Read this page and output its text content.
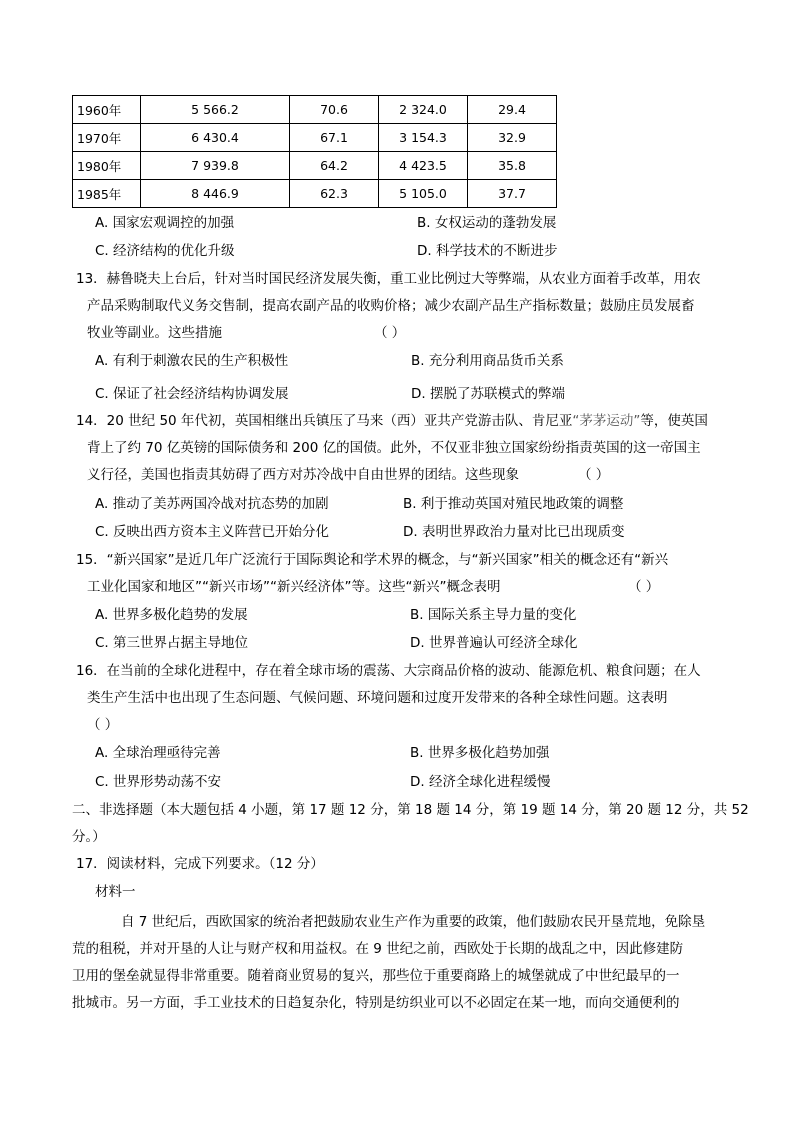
1960年	5 566.2	70.6	2 324.0	29.4
1970年	6 430.4	67.1	3 154.3	32.9
1980年	7 939.8	64.2	4 423.5	35.8
1985年	8 446.9	62.3	5 105.0	37.7
A. 国家宏观调控的加强	B. 女权运动的蓬勃发展
C. 经济结构的优化升级	D. 科学技术的不断进步
13．赫鲁晓夫上台后，针对当时国民经济发展失衡，重工业比例过大等弊端，从农业方面着手改革，用农
产品采购制取代义务交售制，提高农副产品的收购价格；减少农副产品生产指标数量；鼓励庄员发展畜
牧业等副业。这些措施	（ ）
A. 有利于刺激农民的生产积极性	B. 充分利用商品货币关系
C. 保证了社会经济结构协调发展	D. 摆脱了苏联模式的弊端
14．20 世纪 50 年代初，英国相继出兵镇压了马来（西）亚共产党游击队、肯尼亚“茅茅运动”等，使英国
背上了约 70 亿英镑的国际债务和 200 亿的国债。此外，不仅亚非独立国家纷纷指责英国的这一帝国主
义行径，美国也指责其妨碍了西方对苏冷战中自由世界的团结。这些现象	（ ）
A. 推动了美苏两国冷战对抗态势的加剧	B. 利于推动英国对殖民地政策的调整
C. 反映出西方资本主义阵营已开始分化	D. 表明世界政治力量对比已出现质变
15．“新兴国家”是近几年广泛流行于国际舆论和学术界的概念，与“新兴国家”相关的概念还有“新兴
工业化国家和地区”“新兴市场”“新兴经济体”等。这些“新兴”概念表明	（ ）
A. 世界多极化趋势的发展	B. 国际关系主导力量的变化
C. 第三世界占据主导地位	D. 世界普遍认可经济全球化
16．在当前的全球化进程中，存在着全球市场的震荡、大宗商品价格的波动、能源危机、粮食问题；在人
类生产生活中也出现了生态问题、气候问题、环境问题和过度开发带来的各种全球性问题。这表明
（ ）
A. 全球治理亟待完善	B. 世界多极化趋势加强
C. 世界形势动荡不安	D. 经济全球化进程缓慢
二、非选择题（本大题包括 4 小题，第 17 题 12 分，第 18 题 14 分，第 19 题 14 分，第 20 题 12 分，共 52
分。）
17．阅读材料，完成下列要求。（12 分）
材料一
自 7 世纪后，西欧国家的统治者把鼓励农业生产作为重要的政策，他们鼓励农民开垦荒地，免除垦
荒的租税，并对开垦的人让与财产权和用益权。在 9 世纪之前，西欧处于长期的战乱之中，因此修建防
卫用的堡垒就显得非常重要。随着商业贸易的复兴，那些位于重要商路上的城堡就成了中世纪最早的一
批城市。另一方面，手工业技术的日趋复杂化，特别是纺织业可以不必固定在某一地，而向交通便利的
